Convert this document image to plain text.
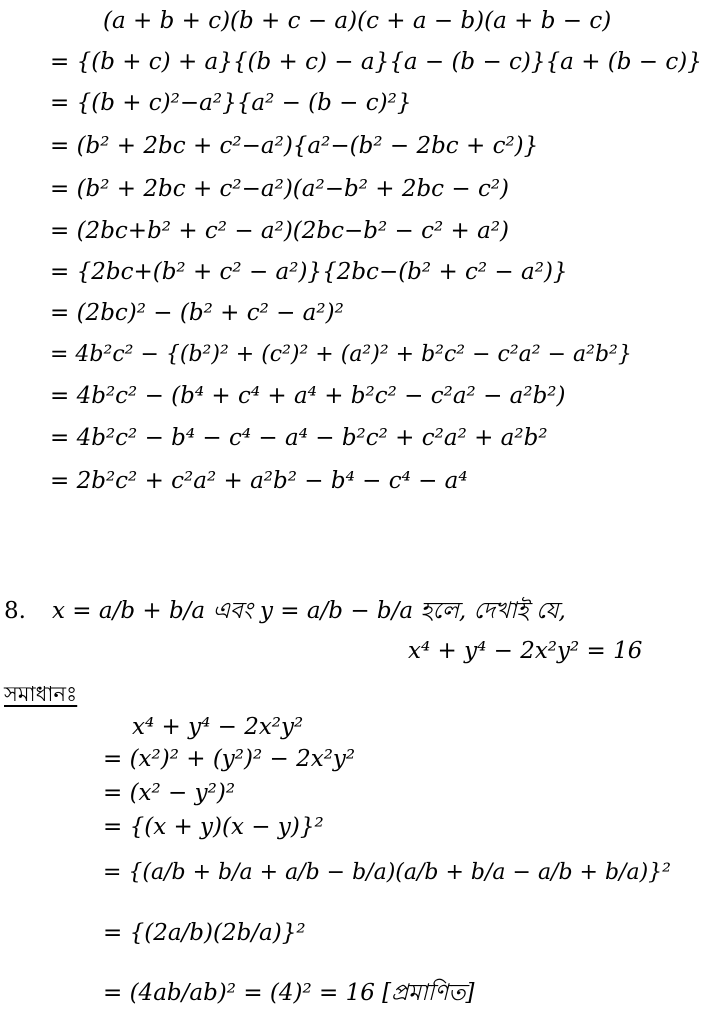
(a + b + c)(b + c − a)(c + a − b)(a + b − c)
= {(b + c) + a}{(b + c) − a}{a − (b − c)}{a + (b − c)}
= {(b + c)²−a²}{a² − (b − c)²}
= (b² + 2bc + c²−a²){a²−(b² − 2bc + c²)}
= (b² + 2bc + c²−a²)(a²−b² + 2bc − c²)
= (2bc+b² + c² − a²)(2bc−b² − c² + a²)
= {2bc+(b² + c² − a²)}{2bc−(b² + c² − a²)}
= (2bc)² − (b² + c² − a²)²
= 4b²c² − {(b²)² + (c²)² + (a²)² + b²c² − c²a² − a²b²}
= 4b²c² − (b⁴ + c⁴ + a⁴ + b²c² − c²a² − a²b²)
= 4b²c² − b⁴ − c⁴ − a⁴ − b²c² + c²a² + a²b²
= 2b²c² + c²a² + a²b² − b⁴ − c⁴ − a⁴
8. x = a/b + b/a এবং y = a/b − b/a হলে, দেখাই যে,
x⁴ + y⁴ − 2x²y² = 16
সমাধানঃ
x⁴ + y⁴ − 2x²y²
= (x²)² + (y²)² − 2x²y²
= (x² − y²)²
= {(x + y)(x − y)}²
= {(a/b + b/a + a/b − b/a)(a/b + b/a − a/b + b/a)}²
= {(2a/b)(2b/a)}²
= (4ab/ab)² = (4)² = 16 [প্রমাণিত]
